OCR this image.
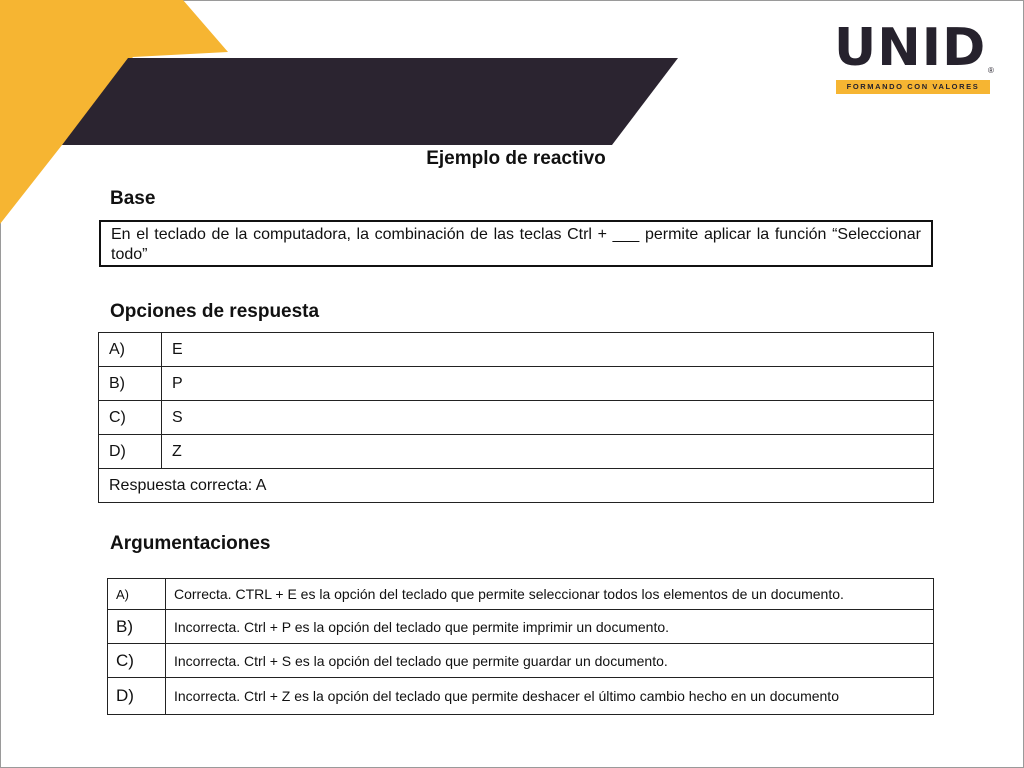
UNID ®
FORMANDO CON VALORES
Ejemplo de reactivo
Base
En el teclado de la computadora, la combinación de las teclas Ctrl + ___ permite aplicar la función “Seleccionar todo”
Opciones de respuesta
A)	E
B)	P
C)	S
D)	Z
Respuesta correcta: A	
Argumentaciones
A)	Correcta. CTRL + E es la opción del teclado que permite seleccionar todos los elementos de un documento.
B)	Incorrecta. Ctrl + P es la opción del teclado que permite imprimir un documento.
C)	Incorrecta. Ctrl + S es la opción del teclado que permite guardar un documento.
D)	Incorrecta. Ctrl + Z es la opción del teclado que permite deshacer el último cambio hecho en un documento
